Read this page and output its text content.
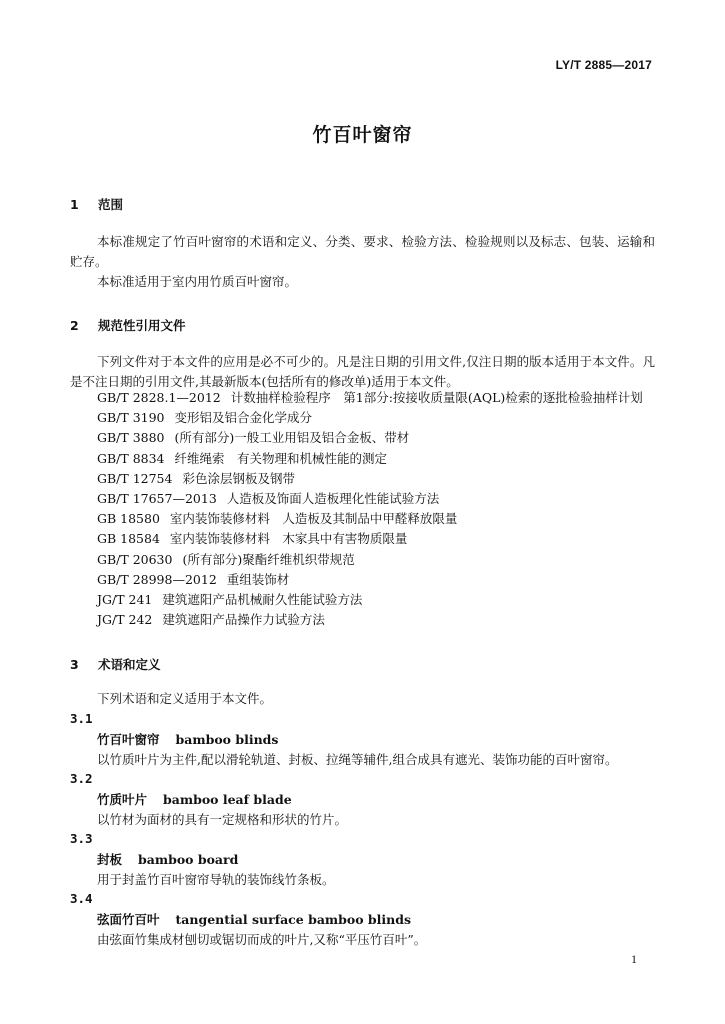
LY/T 2885—2017
竹百叶窗帘
1 范围
本标准规定了竹百叶窗帘的术语和定义、分类、要求、检验方法、检验规则以及标志、包装、运输和贮存。
本标准适用于室内用竹质百叶窗帘。
2 规范性引用文件
下列文件对于本文件的应用是必不可少的。凡是注日期的引用文件,仅注日期的版本适用于本文件。凡是不注日期的引用文件,其最新版本(包括所有的修改单)适用于本文件。
GB/T 2828.1—2012 计数抽样检验程序　第1部分:按接收质量限(AQL)检索的逐批检验抽样计划
GB/T 3190 变形铝及铝合金化学成分
GB/T 3880 (所有部分)一般工业用铝及铝合金板、带材
GB/T 8834 纤维绳索　有关物理和机械性能的测定
GB/T 12754 彩色涂层钢板及钢带
GB/T 17657—2013 人造板及饰面人造板理化性能试验方法
GB 18580 室内装饰装修材料　人造板及其制品中甲醛释放限量
GB 18584 室内装饰装修材料　木家具中有害物质限量
GB/T 20630 (所有部分)聚酯纤维机织带规范
GB/T 28998—2012 重组装饰材
JG/T 241 建筑遮阳产品机械耐久性能试验方法
JG/T 242 建筑遮阳产品操作力试验方法
3 术语和定义
下列术语和定义适用于本文件。
3.1
竹百叶窗帘 bamboo blinds
以竹质叶片为主件,配以滑轮轨道、封板、拉绳等辅件,组合成具有遮光、装饰功能的百叶窗帘。
3.2
竹质叶片 bamboo leaf blade
以竹材为面材的具有一定规格和形状的竹片。
3.3
封板 bamboo board
用于封盖竹百叶窗帘导轨的装饰线竹条板。
3.4
弦面竹百叶 tangential surface bamboo blinds
由弦面竹集成材刨切或锯切而成的叶片,又称“平压竹百叶”。
1
